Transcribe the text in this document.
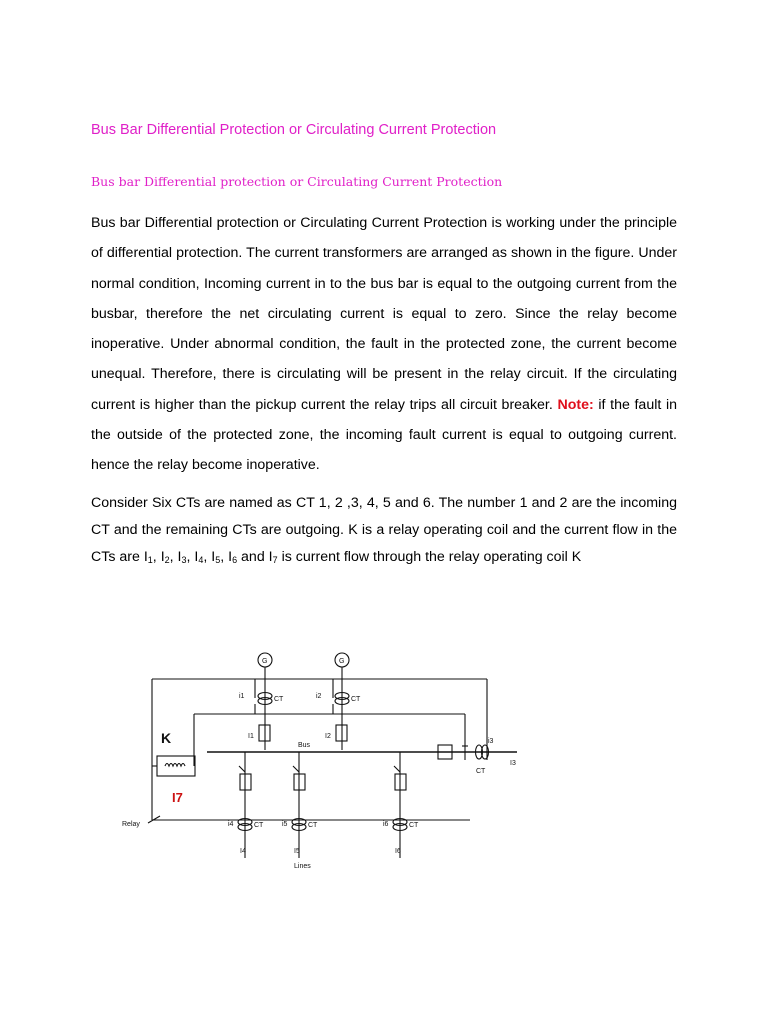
Bus Bar Differential Protection or Circulating Current Protection
Bus bar Differential protection or Circulating Current Protection
Bus bar Differential protection or Circulating Current Protection is working under the principle of differential protection. The current transformers are arranged as shown in the figure. Under normal condition, Incoming current in to the bus bar is equal to the outgoing current from the busbar, therefore the net circulating current is equal to zero. Since the relay become inoperative. Under abnormal condition, the fault in the protected zone, the current become unequal. Therefore, there is circulating will be present in the relay circuit. If the circulating current is higher than the pickup current the relay trips all circuit breaker. Note: if the fault in the outside of the protected zone, the incoming fault current is equal to outgoing current. hence the relay become inoperative.
Consider Six CTs are named as CT 1, 2 ,3, 4, 5 and 6. The number 1 and 2 are the incoming CT and the remaining CTs are outgoing. K is a relay operating coil and the current flow in the CTs are $I_1$, $I_2$, $I_3$, $I_4$, $I_5$, $I_6$ and $I_7$ is current flow through the relay operating coil K
G	G
CT	CT
CT
CT	CT	CT
i1	i2
i3
i4	i5	i6
I1	I2
I3
I4	I5	I6
Bus
Lines
Relay
K
I7
